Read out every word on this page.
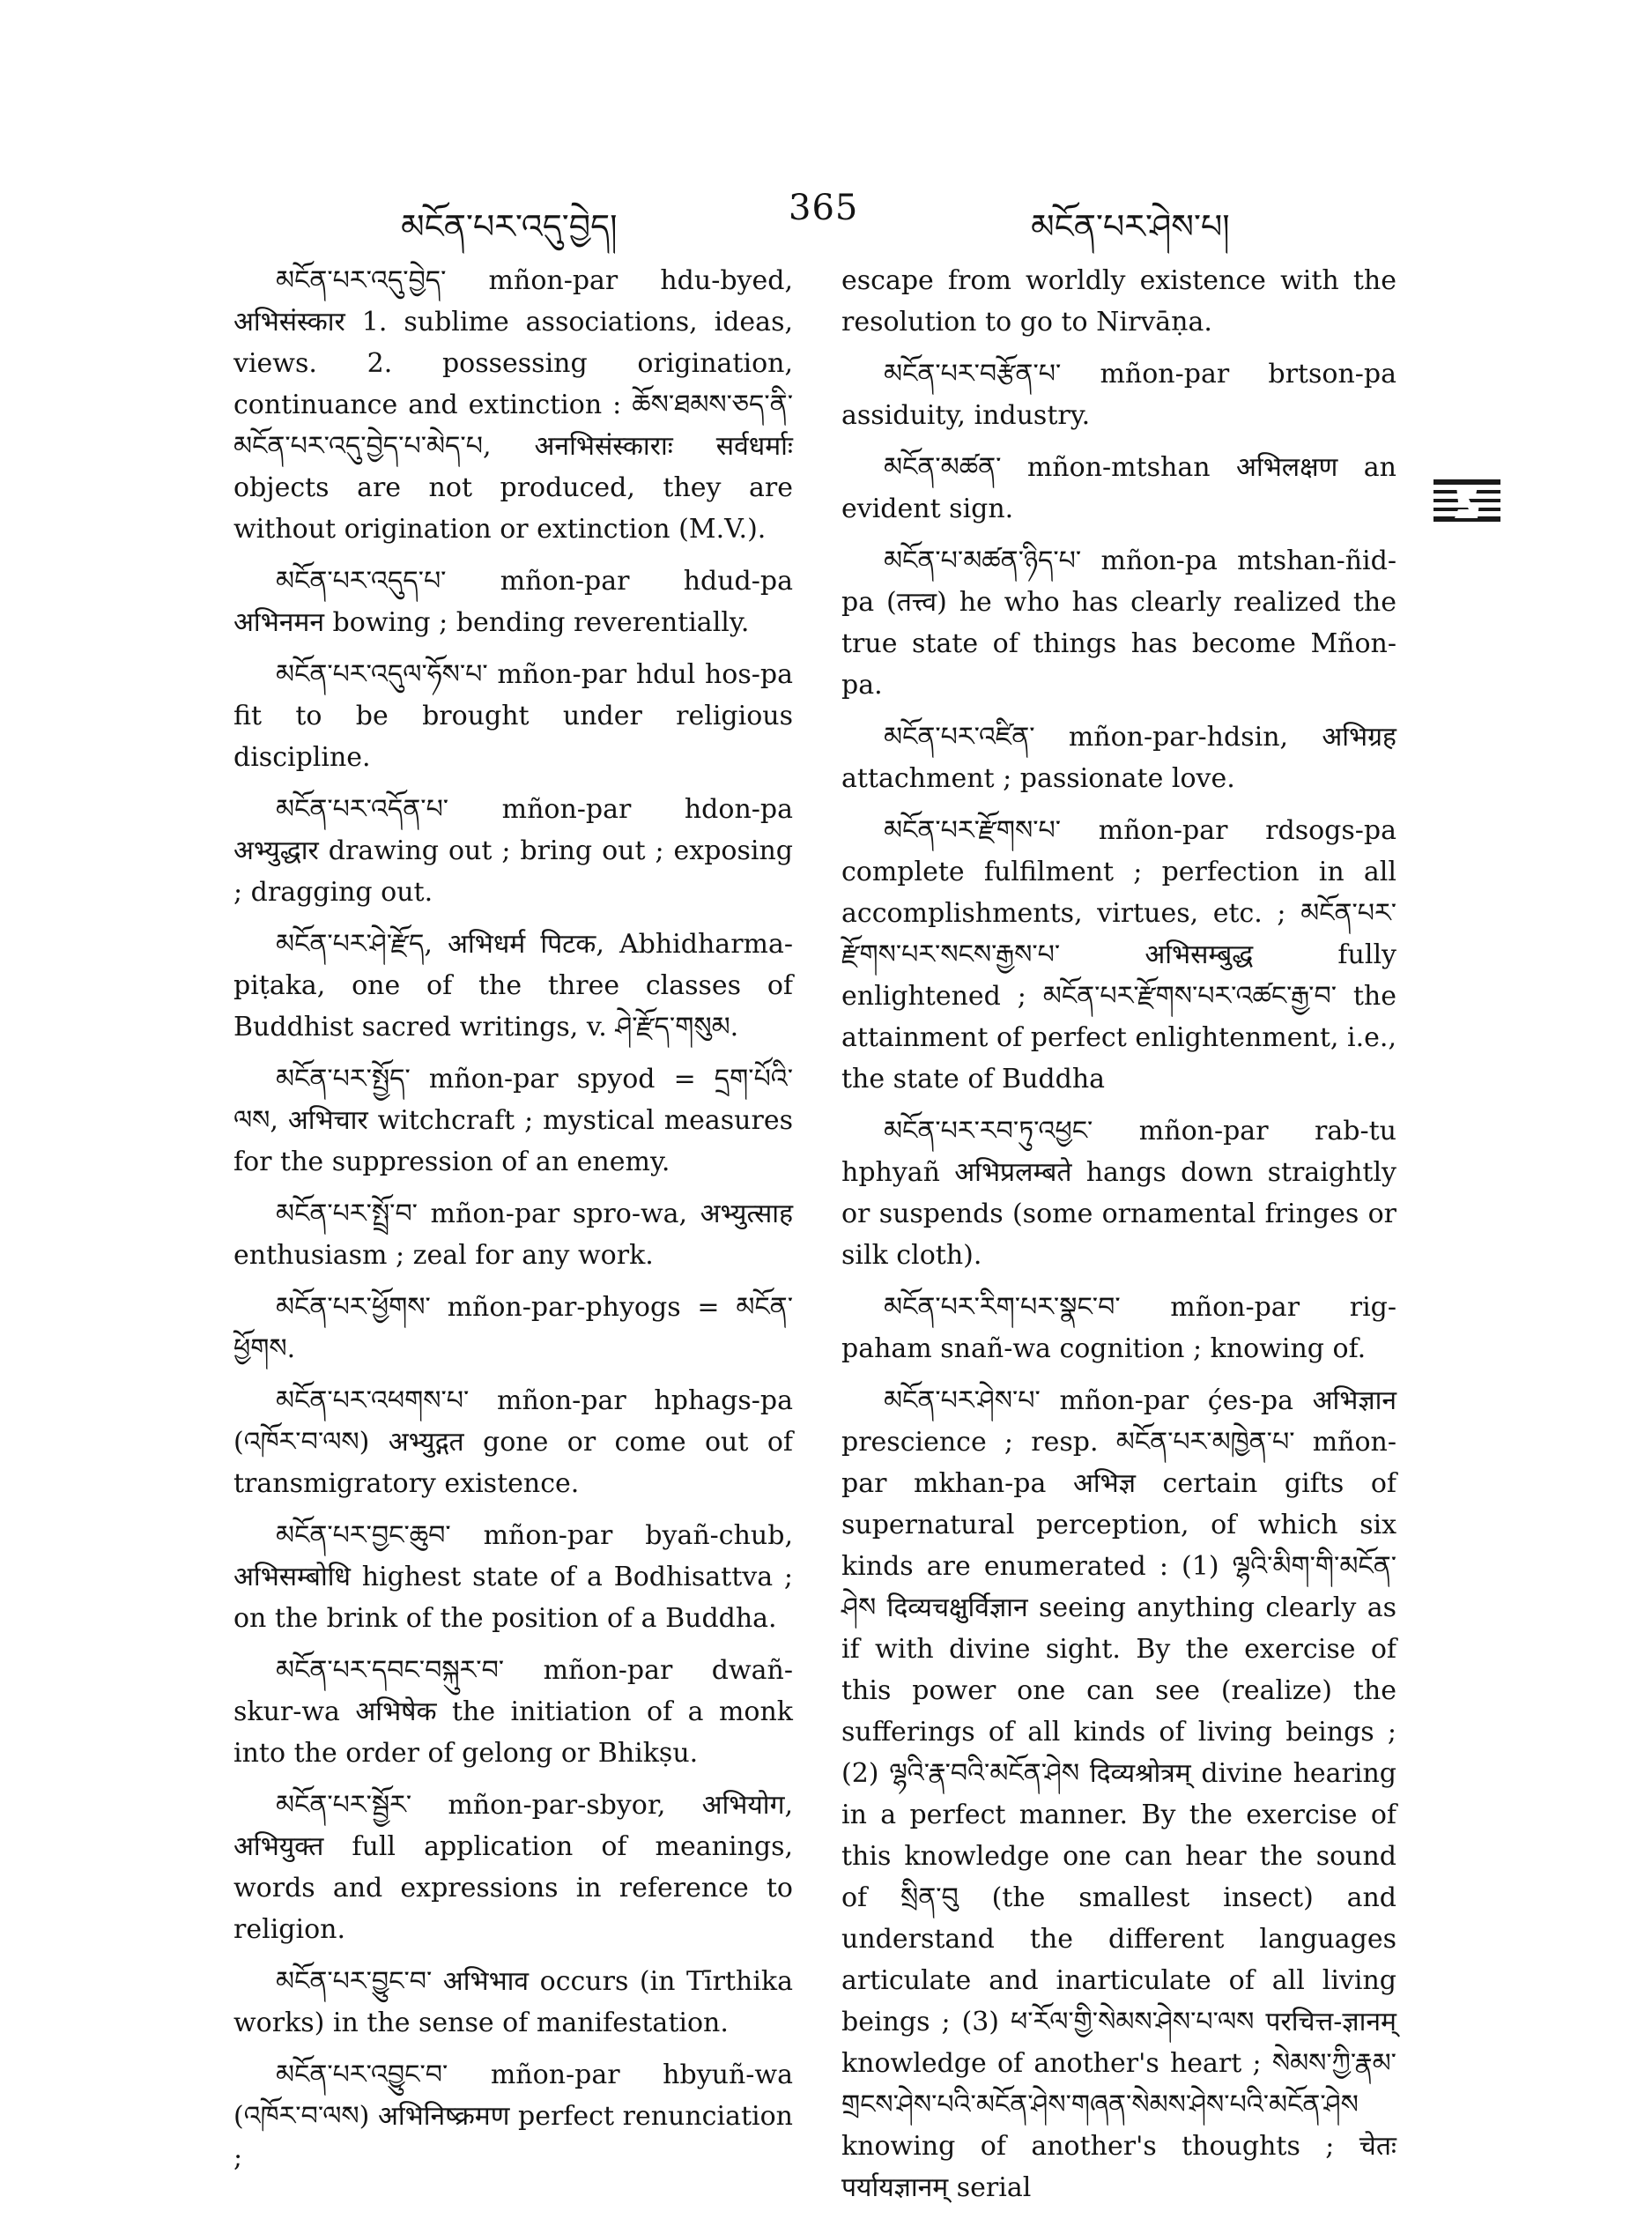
མངོན་པར་འདུ་བྱེད།	365	མངོན་པར་ཤེས་པ།

མངོན་པར་འདུ་བྱེད་ mñon-par hdu-byed, अभिसंस्कार 1. sublime associations, ideas, views. 2. possessing origination, continuance and extinction : ཆོས་ཐམས་ཅད་ནི་མངོན་པར་འདུ་བྱེད་པ་མེད་པ, अनभिसंस्काराः सर्वधर्माः objects are not produced, they are without origination or extinction (M.V.).

མངོན་པར་འདུད་པ་ mñon-par hdud-pa अभिनमन bowing ; bending reverentially.

མངོན་པར་འདུལ་ཧོས་པ་ mñon-par hdul hos-pa fit to be brought under religious discipline.

མངོན་པར་འདོན་པ་ mñon-par hdon-pa अभ्युद्धार drawing out ; bring out ; exposing ; dragging out.

མངོན་པར་ཤེ་རྫོད, अभिधर्म पिटक, Abhidharma-piṭaka, one of the three classes of Buddhist sacred writings, v. ཤེ་རྫོད་གསུམ.

མངོན་པར་སྤྱོད་ mñon-par spyod = དྲག་པོའི་ལས, अभिचार witchcraft ; mystical measures for the suppression of an enemy.

མངོན་པར་སྤྲོ་བ་ mñon-par spro-wa, अभ्युत्साह enthusiasm ; zeal for any work.

མངོན་པར་ཕྱོགས་ mñon-par-phyogs = མངོན་ཕྱོགས.

མངོན་པར་འཕགས་པ་ mñon-par hphags-pa (འཁོར་བ་ལས) अभ्युद्गत gone or come out of transmigratory existence.

མངོན་པར་བྱང་ཆུབ་ mñon-par byañ-chub, अभिसम्बोधि highest state of a Bodhisattva ; on the brink of the position of a Buddha.

མངོན་པར་དབང་བསྐུར་བ་ mñon-par dwañ-skur-wa अभिषेक the initiation of a monk into the order of gelong or Bhikṣu.

མངོན་པར་སྦྱོར་ mñon-par-sbyor, अभियोग, अभियुक्त full application of meanings, words and expressions in reference to religion.

མངོན་པར་བྱུང་བ་ अभिभाव occurs (in Tīrthika works) in the sense of manifestation.

མངོན་པར་འབྱུང་བ་ mñon-par hbyuñ-wa (འཁོར་བ་ལས) अभिनिष्क्रमण perfect renunciation ;

escape from worldly existence with the resolution to go to Nirvāṇa.

མངོན་པར་བརྩོན་པ་ mñon-par brtson-pa assiduity, industry.

མངོན་མཚན་ mñon-mtshan अभिलक्षण an evident sign.

མངོན་པ་མཚན་ཉིད་པ་ mñon-pa mtshan-ñid-pa (तत्त्व) he who has clearly realized the true state of things has become Mñon-pa.

མངོན་པར་འཛིན་ mñon-par-hdsin, अभिग्रह attachment ; passionate love.

མངོན་པར་རྫོགས་པ་ mñon-par rdsogs-pa complete fulfilment ; perfection in all accomplishments, virtues, etc. ; མངོན་པར་རྫོགས་པར་སངས་རྒྱས་པ་ अभिसम्बुद्ध fully enlightened ; མངོན་པར་རྫོགས་པར་འཚང་རྒྱ་བ་ the attainment of perfect enlightenment, i.e., the state of Buddha

མངོན་པར་རབ་ཏུ་འཕྱང་ mñon-par rab-tu hphyañ अभिप्रलम्बते hangs down straightly or suspends (some ornamental fringes or silk cloth).

མངོན་པར་རིག་པར་སྣང་བ་ mñon-par rig-paham snañ-wa cognition ; knowing of.

མངོན་པར་ཤེས་པ་ mñon-par ḉes-pa अभिज्ञान prescience ; resp. མངོན་པར་མཁྱེན་པ་ mñon-par mkhan-pa अभिज्ञ certain gifts of supernatural perception, of which six kinds are enumerated : (1) ལྷའི་མིག་གི་མངོན་ཤེས दिव्यचक्षुर्विज्ञान seeing anything clearly as if with divine sight. By the exercise of this power one can see (realize) the sufferings of all kinds of living beings ; (2) ལྷའི་རྣ་བའི་མངོན་ཤེས दिव्यश्रोत्रम् divine hearing in a perfect manner. By the exercise of this knowledge one can hear the sound of སྲིན་བུ (the smallest insect) and understand the different languages articulate and inarticulate of all living beings ; (3) ཕ་རོལ་གྱི་སེམས་ཤེས་པ་ལས परचित्त-ज्ञानम् knowledge of another's heart ; སེམས་ཀྱི་རྣམ་གྲངས་ཤེས་པའི་མངོན་ཤེས་གཞན་སེམས་ཤེས་པའི་མངོན་ཤེས knowing of another's thoughts ; चेतः पर्यायज्ञानम् serial
